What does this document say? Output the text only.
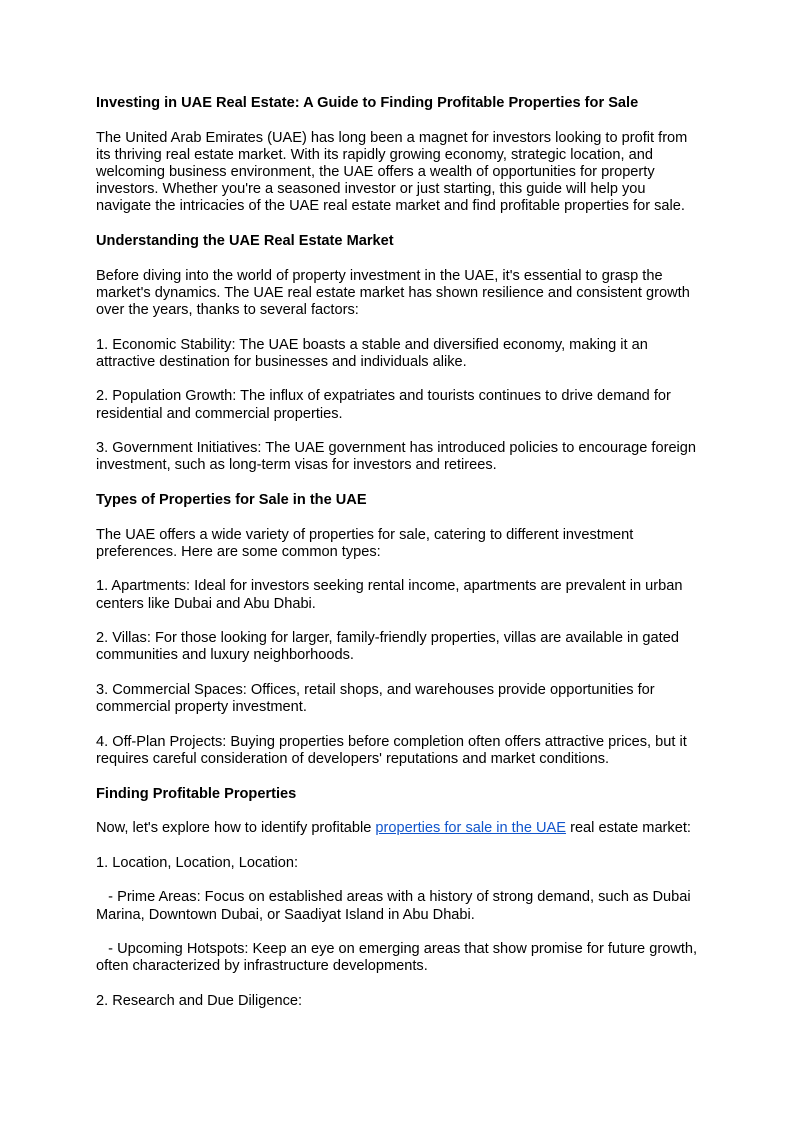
Investing in UAE Real Estate: A Guide to Finding Profitable Properties for Sale
The United Arab Emirates (UAE) has long been a magnet for investors looking to profit from its thriving real estate market. With its rapidly growing economy, strategic location, and welcoming business environment, the UAE offers a wealth of opportunities for property investors. Whether you're a seasoned investor or just starting, this guide will help you navigate the intricacies of the UAE real estate market and find profitable properties for sale.
Understanding the UAE Real Estate Market
Before diving into the world of property investment in the UAE, it's essential to grasp the market's dynamics. The UAE real estate market has shown resilience and consistent growth over the years, thanks to several factors:
1. Economic Stability: The UAE boasts a stable and diversified economy, making it an attractive destination for businesses and individuals alike.
2. Population Growth: The influx of expatriates and tourists continues to drive demand for residential and commercial properties.
3. Government Initiatives: The UAE government has introduced policies to encourage foreign investment, such as long-term visas for investors and retirees.
Types of Properties for Sale in the UAE
The UAE offers a wide variety of properties for sale, catering to different investment preferences. Here are some common types:
1. Apartments: Ideal for investors seeking rental income, apartments are prevalent in urban centers like Dubai and Abu Dhabi.
2. Villas: For those looking for larger, family-friendly properties, villas are available in gated communities and luxury neighborhoods.
3. Commercial Spaces: Offices, retail shops, and warehouses provide opportunities for commercial property investment.
4. Off-Plan Projects: Buying properties before completion often offers attractive prices, but it requires careful consideration of developers' reputations and market conditions.
Finding Profitable Properties
Now, let's explore how to identify profitable properties for sale in the UAE real estate market:
1. Location, Location, Location:
- Prime Areas: Focus on established areas with a history of strong demand, such as Dubai Marina, Downtown Dubai, or Saadiyat Island in Abu Dhabi.
- Upcoming Hotspots: Keep an eye on emerging areas that show promise for future growth, often characterized by infrastructure developments.
2. Research and Due Diligence:
